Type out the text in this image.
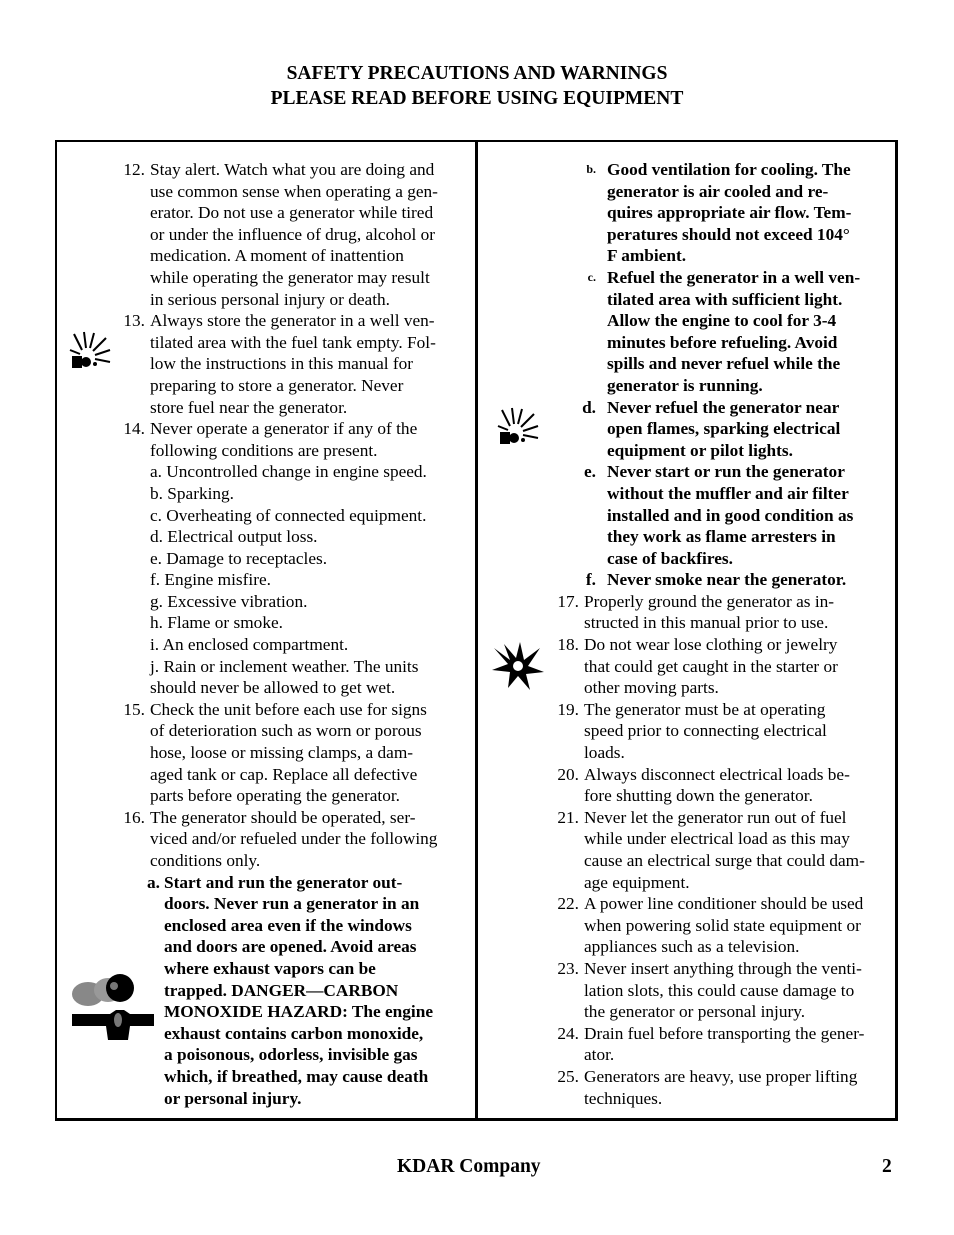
SAFETY PRECAUTIONS AND WARNINGS
PLEASE READ BEFORE USING EQUIPMENT
12. Stay alert. Watch what you are doing and
use common sense when operating a gen-
erator. Do not use a generator while tired
or under the influence of drug, alcohol or
medication. A moment of inattention
while operating the generator may result
in serious personal injury or death.
13. Always store the generator in a well ven-
tilated area with the fuel tank empty. Fol-
low the instructions in this manual for
preparing to store a generator. Never
store fuel near the generator.
14. Never operate a generator if any of the
following conditions are present.
a. Uncontrolled change in engine speed.
b. Sparking.
c. Overheating of connected equipment.
d. Electrical output loss.
e. Damage to receptacles.
f. Engine misfire.
g. Excessive vibration.
h. Flame or smoke.
i. An enclosed compartment.
j. Rain or inclement weather. The units
should never be allowed to get wet.
15. Check the unit before each use for signs
of deterioration such as worn or porous
hose, loose or missing clamps, a dam-
aged tank or cap. Replace all defective
parts before operating the generator.
16. The generator should be operated, ser-
viced and/or refueled under the following
conditions only.
a. Start and run the generator out-
doors. Never run a generator in an
enclosed area even if the windows
and doors are opened. Avoid areas
where exhaust vapors can be
trapped. DANGER—CARBON
MONOXIDE HAZARD: The engine
exhaust contains carbon monoxide,
a poisonous, odorless, invisible gas
which, if breathed, may cause death
or personal injury.
b. Good ventilation for cooling. The
generator is air cooled and re-
quires appropriate air flow. Tem-
peratures should not exceed 104°
F ambient.
c. Refuel the generator in a well ven-
tilated area with sufficient light.
Allow the engine to cool for 3-4
minutes before refueling. Avoid
spills and never refuel while the
generator is running.
d. Never refuel the generator near
open flames, sparking electrical
equipment or pilot lights.
e. Never start or run the generator
without the muffler and air filter
installed and in good condition as
they work as flame arresters in
case of backfires.
f. Never smoke near the generator.
17. Properly ground the generator as in-
structed in this manual prior to use.
18. Do not wear lose clothing or jewelry
that could get caught in the starter or
other moving parts.
19. The generator must be at operating
speed prior to connecting electrical
loads.
20. Always disconnect electrical loads be-
fore shutting down the generator.
21. Never let the generator run out of fuel
while under electrical load as this may
cause an electrical surge that could dam-
age equipment.
22. A power line conditioner should be used
when powering solid state equipment or
appliances such as a television.
23. Never insert anything through the venti-
lation slots, this could cause damage to
the generator or personal injury.
24. Drain fuel before transporting the gener-
ator.
25. Generators are heavy, use proper lifting
techniques.
KDAR Company	2
